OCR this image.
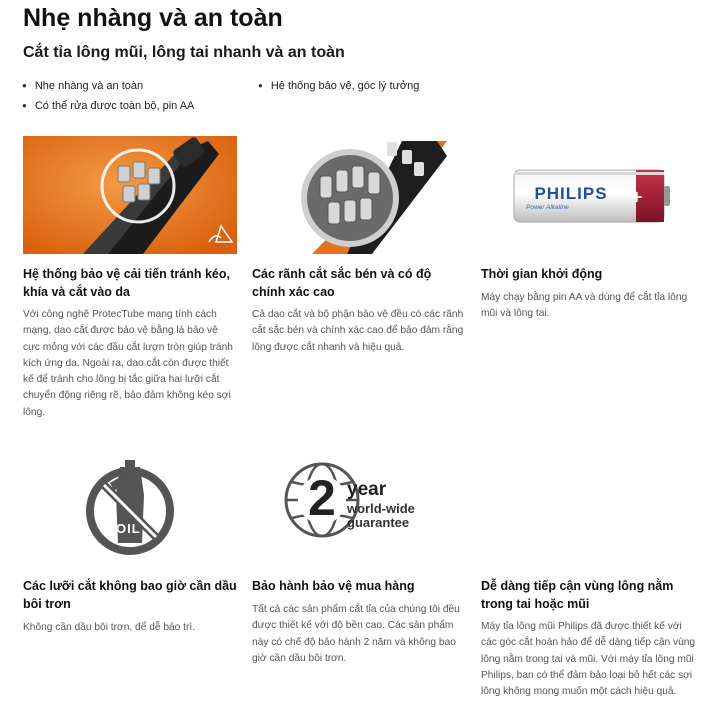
Nhẹ nhàng và an toàn
Cắt tỉa lông mũi, lông tai nhanh và an toàn
● Nhẹ nhàng và an toàn
●	Hệ thống bảo vệ, góc lý tưởng
● Có thể rửa được toàn bộ, pin AA
+
PHILIPS
Power Alkaline
Hệ thống bảo vệ cải tiến tránh kéo, khía và cắt vào da
Với công nghệ ProtecTube mang tính cách mạng, dao cắt được bảo vệ bằng lá bảo vệ cực mỏng với các đầu cắt lượn tròn giúp tránh kích ứng da. Ngoài ra, dao cắt còn được thiết kế để tránh cho lông bị tắc giữa hai lưỡi cắt chuyển động riêng rẽ, bảo đảm không kéo sợi lông.
Các rãnh cắt sắc bén và có độ chính xác cao
Cả dao cắt và bộ phận bảo vệ đều có các rãnh cắt sắc bén và chính xác cao để bảo đảm rằng lông được cắt nhanh và hiệu quả.
Thời gian khởi động
Máy chạy bằng pin AA và dùng để cắt tỉa lông mũi và lông tai.
OIL
2 year
world-wide
guarantee
Các lưỡi cắt không bao giờ cần dầu bôi trơn
Không cần dầu bôi trơn, để dễ bảo trì.
Bảo hành bảo vệ mua hàng
Tất cả các sản phẩm cắt tỉa của chúng tôi đều được thiết kế với độ bền cao. Các sản phẩm này có chế độ bảo hành 2 năm và không bao giờ cần dầu bôi trơn.
Dễ dàng tiếp cận vùng lông nằm trong tai hoặc mũi
Máy tỉa lông mũi Philips đã được thiết kế với các góc cắt hoàn hảo để dễ dàng tiếp cận vùng lông nằm trong tai và mũi. Với máy tỉa lông mũi Philips, bạn có thể đảm bảo loại bỏ hết các sợi lông không mong muốn một cách hiệu quả.
